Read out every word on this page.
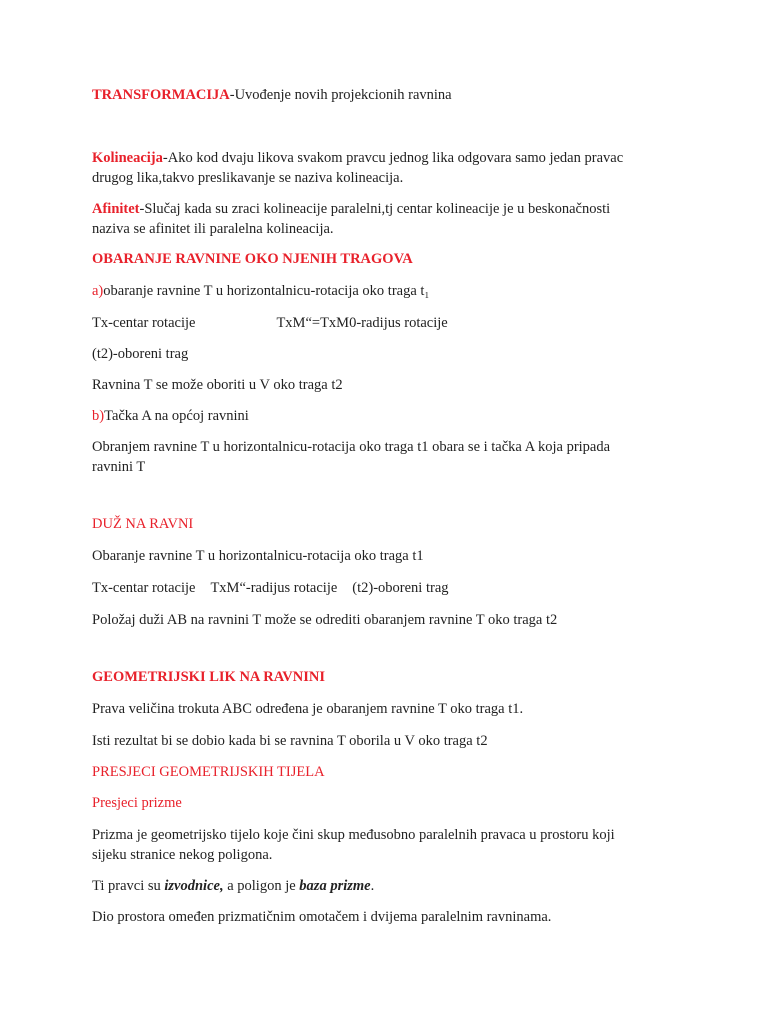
TRANSFORMACIJA-Uvođenje novih projekcionih ravnina
Kolineacija-Ako kod dvaju likova svakom pravcu jednog lika odgovara samo jedan pravac
drugog lika,takvo preslikavanje se naziva kolineacija.
Afinitet-Slučaj kada su zraci kolineacije paralelni,tj centar kolineacije je u beskonačnosti
naziva se afinitet ili paralelna kolineacija.
OBARANJE RAVNINE OKO NJENIH TRAGOVA
a)obaranje ravnine T u horizontalnicu-rotacija oko traga t₁
Tx-centar rotacije	TxM“=TxM0-radijus rotacije
(t2)-oboreni trag
Ravnina T se može oboriti u V oko traga t2
b)Tačka A na općoj ravnini
Obranjem ravnine T u horizontalnicu-rotacija oko traga t1 obara se i tačka A koja pripada
ravnini T
DUŽ NA RAVNI
Obaranje ravnine T u horizontalnicu-rotacija oko traga t1
Tx-centar rotacije TxM“-radijus rotacije (t2)-oboreni trag
Položaj duži AB na ravnini T može se odrediti obaranjem ravnine T oko traga t2
GEOMETRIJSKI LIK NA RAVNINI
Prava veličina trokuta ABC određena je obaranjem ravnine T oko traga t1.
Isti rezultat bi se dobio kada bi se ravnina T oborila u V oko traga t2
PRESJECI GEOMETRIJSKIH TIJELA
Presjeci prizme
Prizma je geometrijsko tijelo koje čini skup međusobno paralelnih pravaca u prostoru koji
sijeku stranice nekog poligona.
Ti pravci su izvodnice, a poligon je baza prizme.
Dio prostora omeđen prizmatičnim omotačem i dvijema paralelnim ravninama.
